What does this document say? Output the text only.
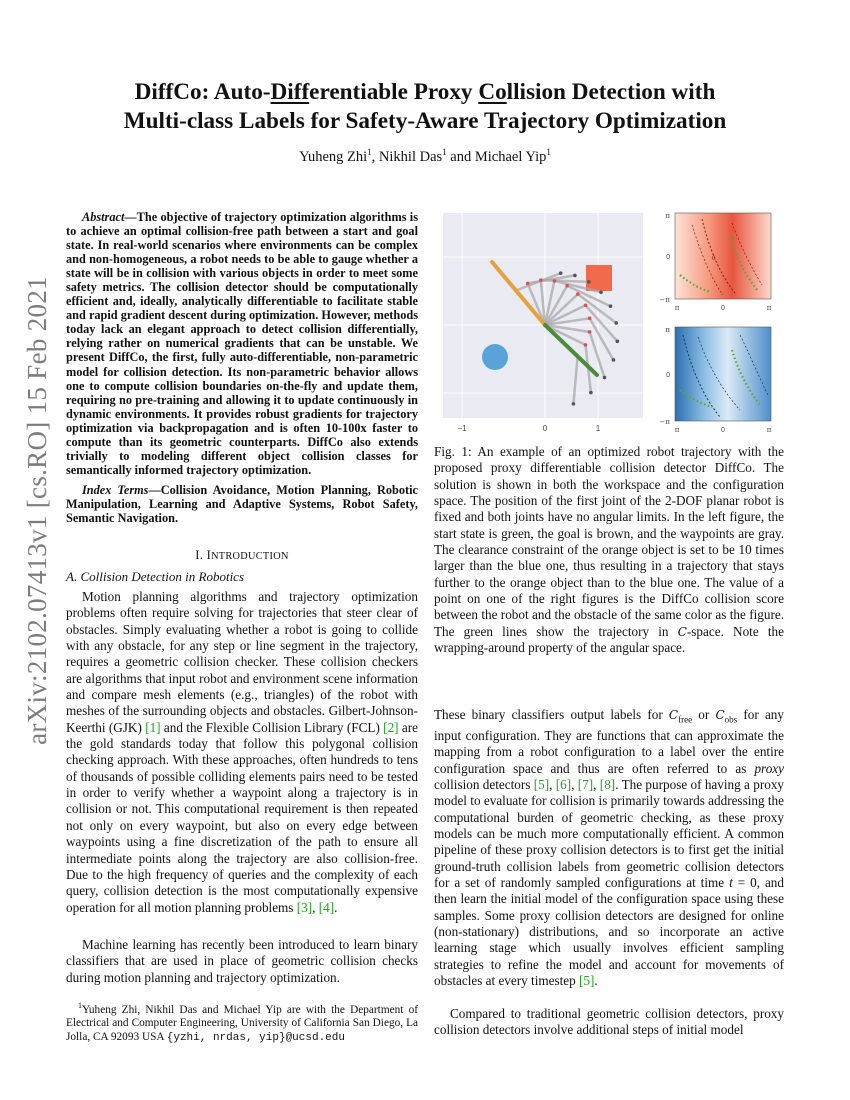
arXiv:2102.07413v1 [cs.RO] 15 Feb 2021
DiffCo: Auto-Differentiable Proxy Collision Detection with
Multi-class Labels for Safety-Aware Trajectory Optimization
Yuheng Zhi$^1$, Nikhil Das$^1$ and Michael Yip$^1$
Abstract—The objective of trajectory optimization algorithms is to achieve an optimal collision-free path between a start and goal state. In real-world scenarios where environments can be complex and non-homogeneous, a robot needs to be able to gauge whether a state will be in collision with various objects in order to meet some safety metrics. The collision detector should be computationally efficient and, ideally, analytically differentiable to facilitate stable and rapid gradient descent during optimization. However, methods today lack an elegant approach to detect collision differentially, relying rather on numerical gradients that can be unstable. We present DiffCo, the first, fully auto-differentiable, non-parametric model for collision detection. Its non-parametric behavior allows one to compute collision boundaries on-the-fly and update them, requiring no pre-training and allowing it to update continuously in dynamic environments. It provides robust gradients for trajectory optimization via backpropagation and is often 10-100x faster to compute than its geometric counterparts. DiffCo also extends trivially to modeling different object collision classes for semantically informed trajectory optimization.
Index Terms—Collision Avoidance, Motion Planning, Robotic Manipulation, Learning and Adaptive Systems, Robot Safety, Semantic Navigation.
I. INTRODUCTION
A. Collision Detection in Robotics

Motion planning algorithms and trajectory optimization problems often require solving for trajectories that steer clear of obstacles. Simply evaluating whether a robot is going to collide with any obstacle, for any step or line segment in the trajectory, requires a geometric collision checker. These collision checkers are algorithms that input robot and environment scene information and compare mesh elements (e.g., triangles) of the robot with meshes of the surrounding objects and obstacles. Gilbert-Johnson-Keerthi (GJK) [1] and the Flexible Collision Library (FCL) [2] are the gold standards today that follow this polygonal collision checking approach. With these approaches, often hundreds to tens of thousands of possible colliding elements pairs need to be tested in order to verify whether a waypoint along a trajectory is in collision or not. This computational requirement is then repeated not only on every waypoint, but also on every edge between waypoints using a fine discretization of the path to ensure all intermediate points along the trajectory are also collision-free. Due to the high frequency of queries and the complexity of each query, collision detection is the most computationally expensive operation for all motion planning problems [3], [4].

Machine learning has recently been introduced to learn binary classifiers that are used in place of geometric collision checks during motion planning and trajectory optimization.

$^1$Yuheng Zhi, Nikhil Das and Michael Yip are with the Department of Electrical and Computer Engineering, University of California San Diego, La Jolla, CA 92093 USA {yzhi, nrdas, yip}@ucsd.edu
−1	0	1
0
π
0
−π
π	0	π
π
0
−π
π	0	π
Fig. 1: An example of an optimized robot trajectory with the proposed proxy differentiable collision detector DiffCo. The solution is shown in both the workspace and the configuration space. The position of the first joint of the 2-DOF planar robot is fixed and both joints have no angular limits. In the left figure, the start state is green, the goal is brown, and the waypoints are gray. The clearance constraint of the orange object is set to be 10 times larger than the blue one, thus resulting in a trajectory that stays further to the orange object than to the blue one. The value of a point on one of the right figures is the DiffCo collision score between the robot and the obstacle of the same color as the figure. The green lines show the trajectory in C-space. Note the wrapping-around property of the angular space.
These binary classifiers output labels for $C_{free}$ or $C_{obs}$ for any input configuration. They are functions that can approximate the mapping from a robot configuration to a label over the entire configuration space and thus are often referred to as proxy collision detectors [5], [6], [7], [8]. The purpose of having a proxy model to evaluate for collision is primarily towards addressing the computational burden of geometric checking, as these proxy models can be much more computationally efficient. A common pipeline of these proxy collision detectors is to first get the initial ground-truth collision labels from geometric collision detectors for a set of randomly sampled configurations at time t = 0, and then learn the initial model of the configuration space using these samples. Some proxy collision detectors are designed for online (non-stationary) distributions, and so incorporate an active learning stage which usually involves efficient sampling strategies to refine the model and account for movements of obstacles at every timestep [5].

Compared to traditional geometric collision detectors, proxy collision detectors involve additional steps of initial model
